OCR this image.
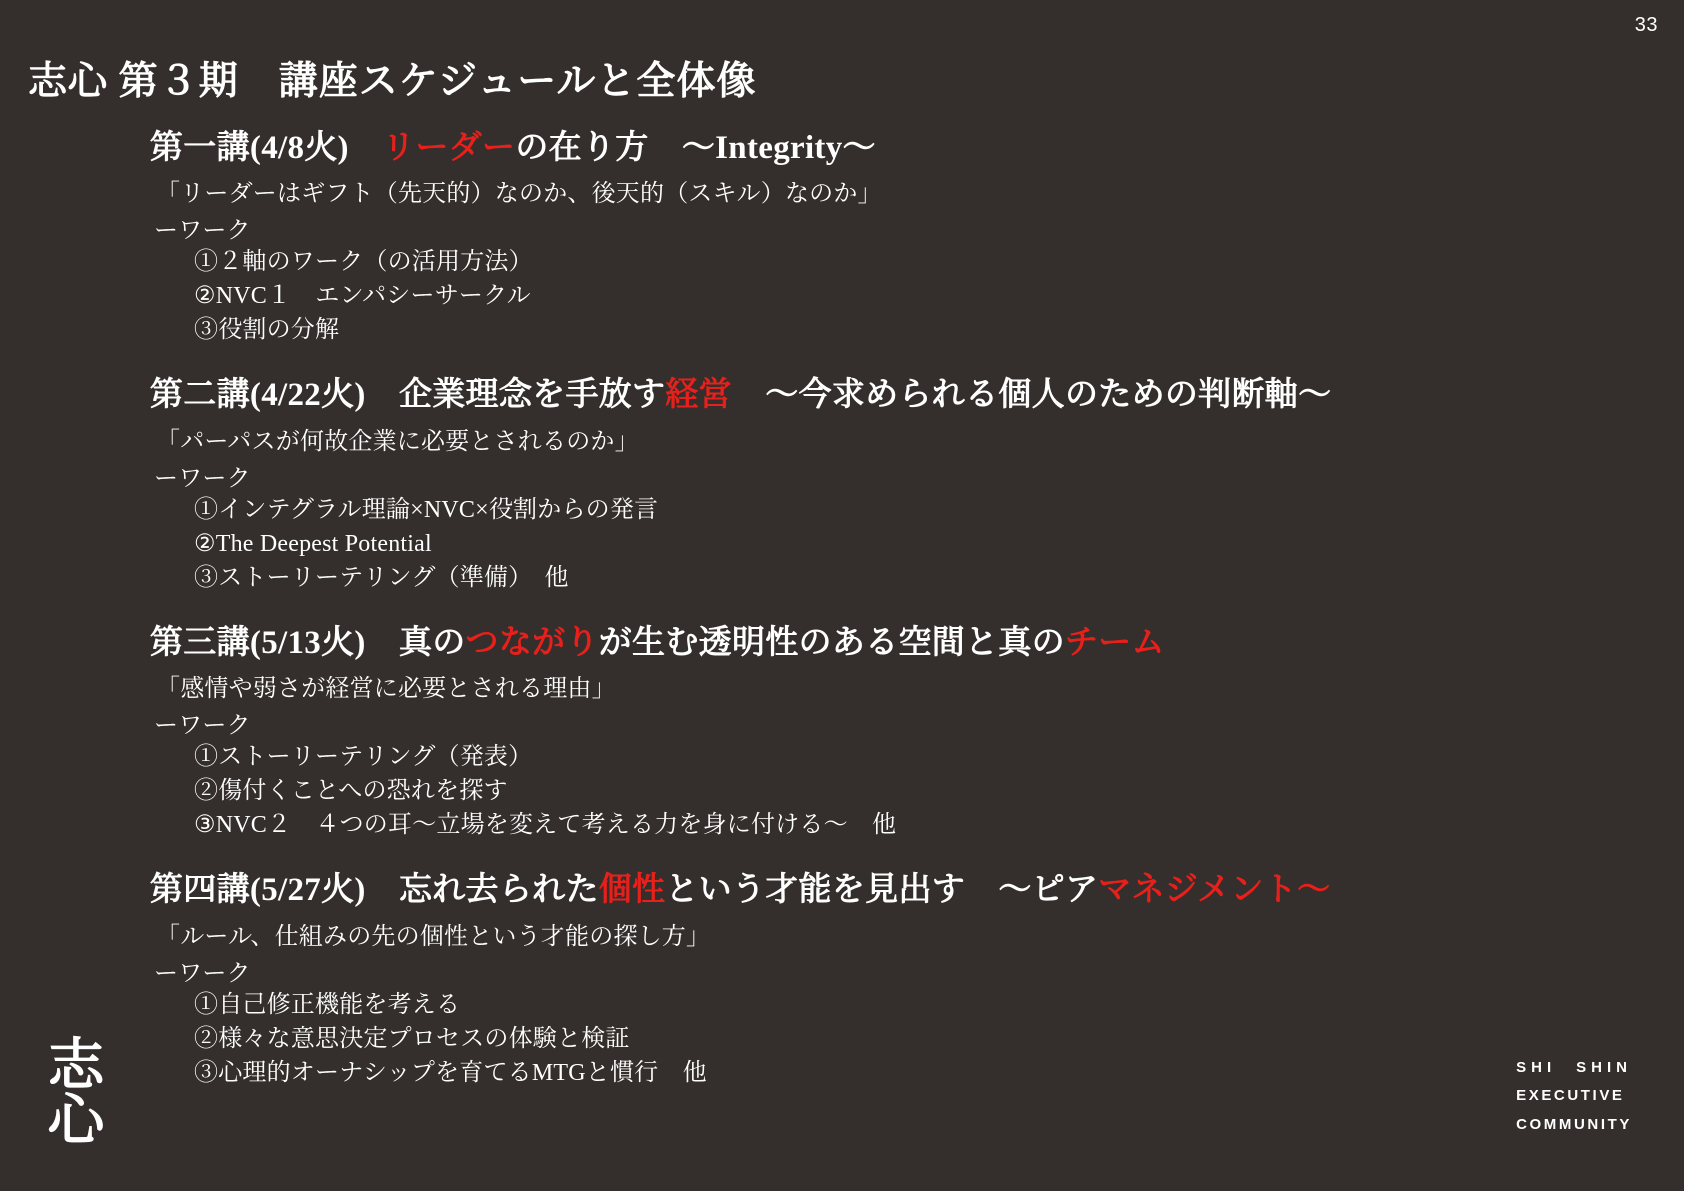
33
志心 第３期　講座スケジュールと全体像
第一講(4/8火)　リーダーの在り方　〜Integrity〜
「リーダーはギフト（先天的）なのか、後天的（スキル）なのか」
ーワーク
①２軸のワーク（の活用方法）
②NVC１　エンパシーサークル
③役割の分解
第二講(4/22火)　企業理念を手放す経営　〜今求められる個人のための判断軸〜
「パーパスが何故企業に必要とされるのか」
ーワーク
①インテグラル理論×NVC×役割からの発言
②The Deepest Potential
③ストーリーテリング（準備）　他
第三講(5/13火)　真のつながりが生む透明性のある空間と真のチーム
「感情や弱さが経営に必要とされる理由」
ーワーク
①ストーリーテリング（発表）
②傷付くことへの恐れを探す
③NVC２　４つの耳〜立場を変えて考える力を身に付ける〜　他
第四講(5/27火)　忘れ去られた個性という才能を見出す　〜ピアマネジメント〜
「ルール、仕組みの先の個性という才能の探し方」
ーワーク
①自己修正機能を考える
②様々な意思決定プロセスの体験と検証
③心理的オーナシップを育てるMTGと慣行　他
志
心
SHI　SHIN
EXECUTIVE
COMMUNITY
